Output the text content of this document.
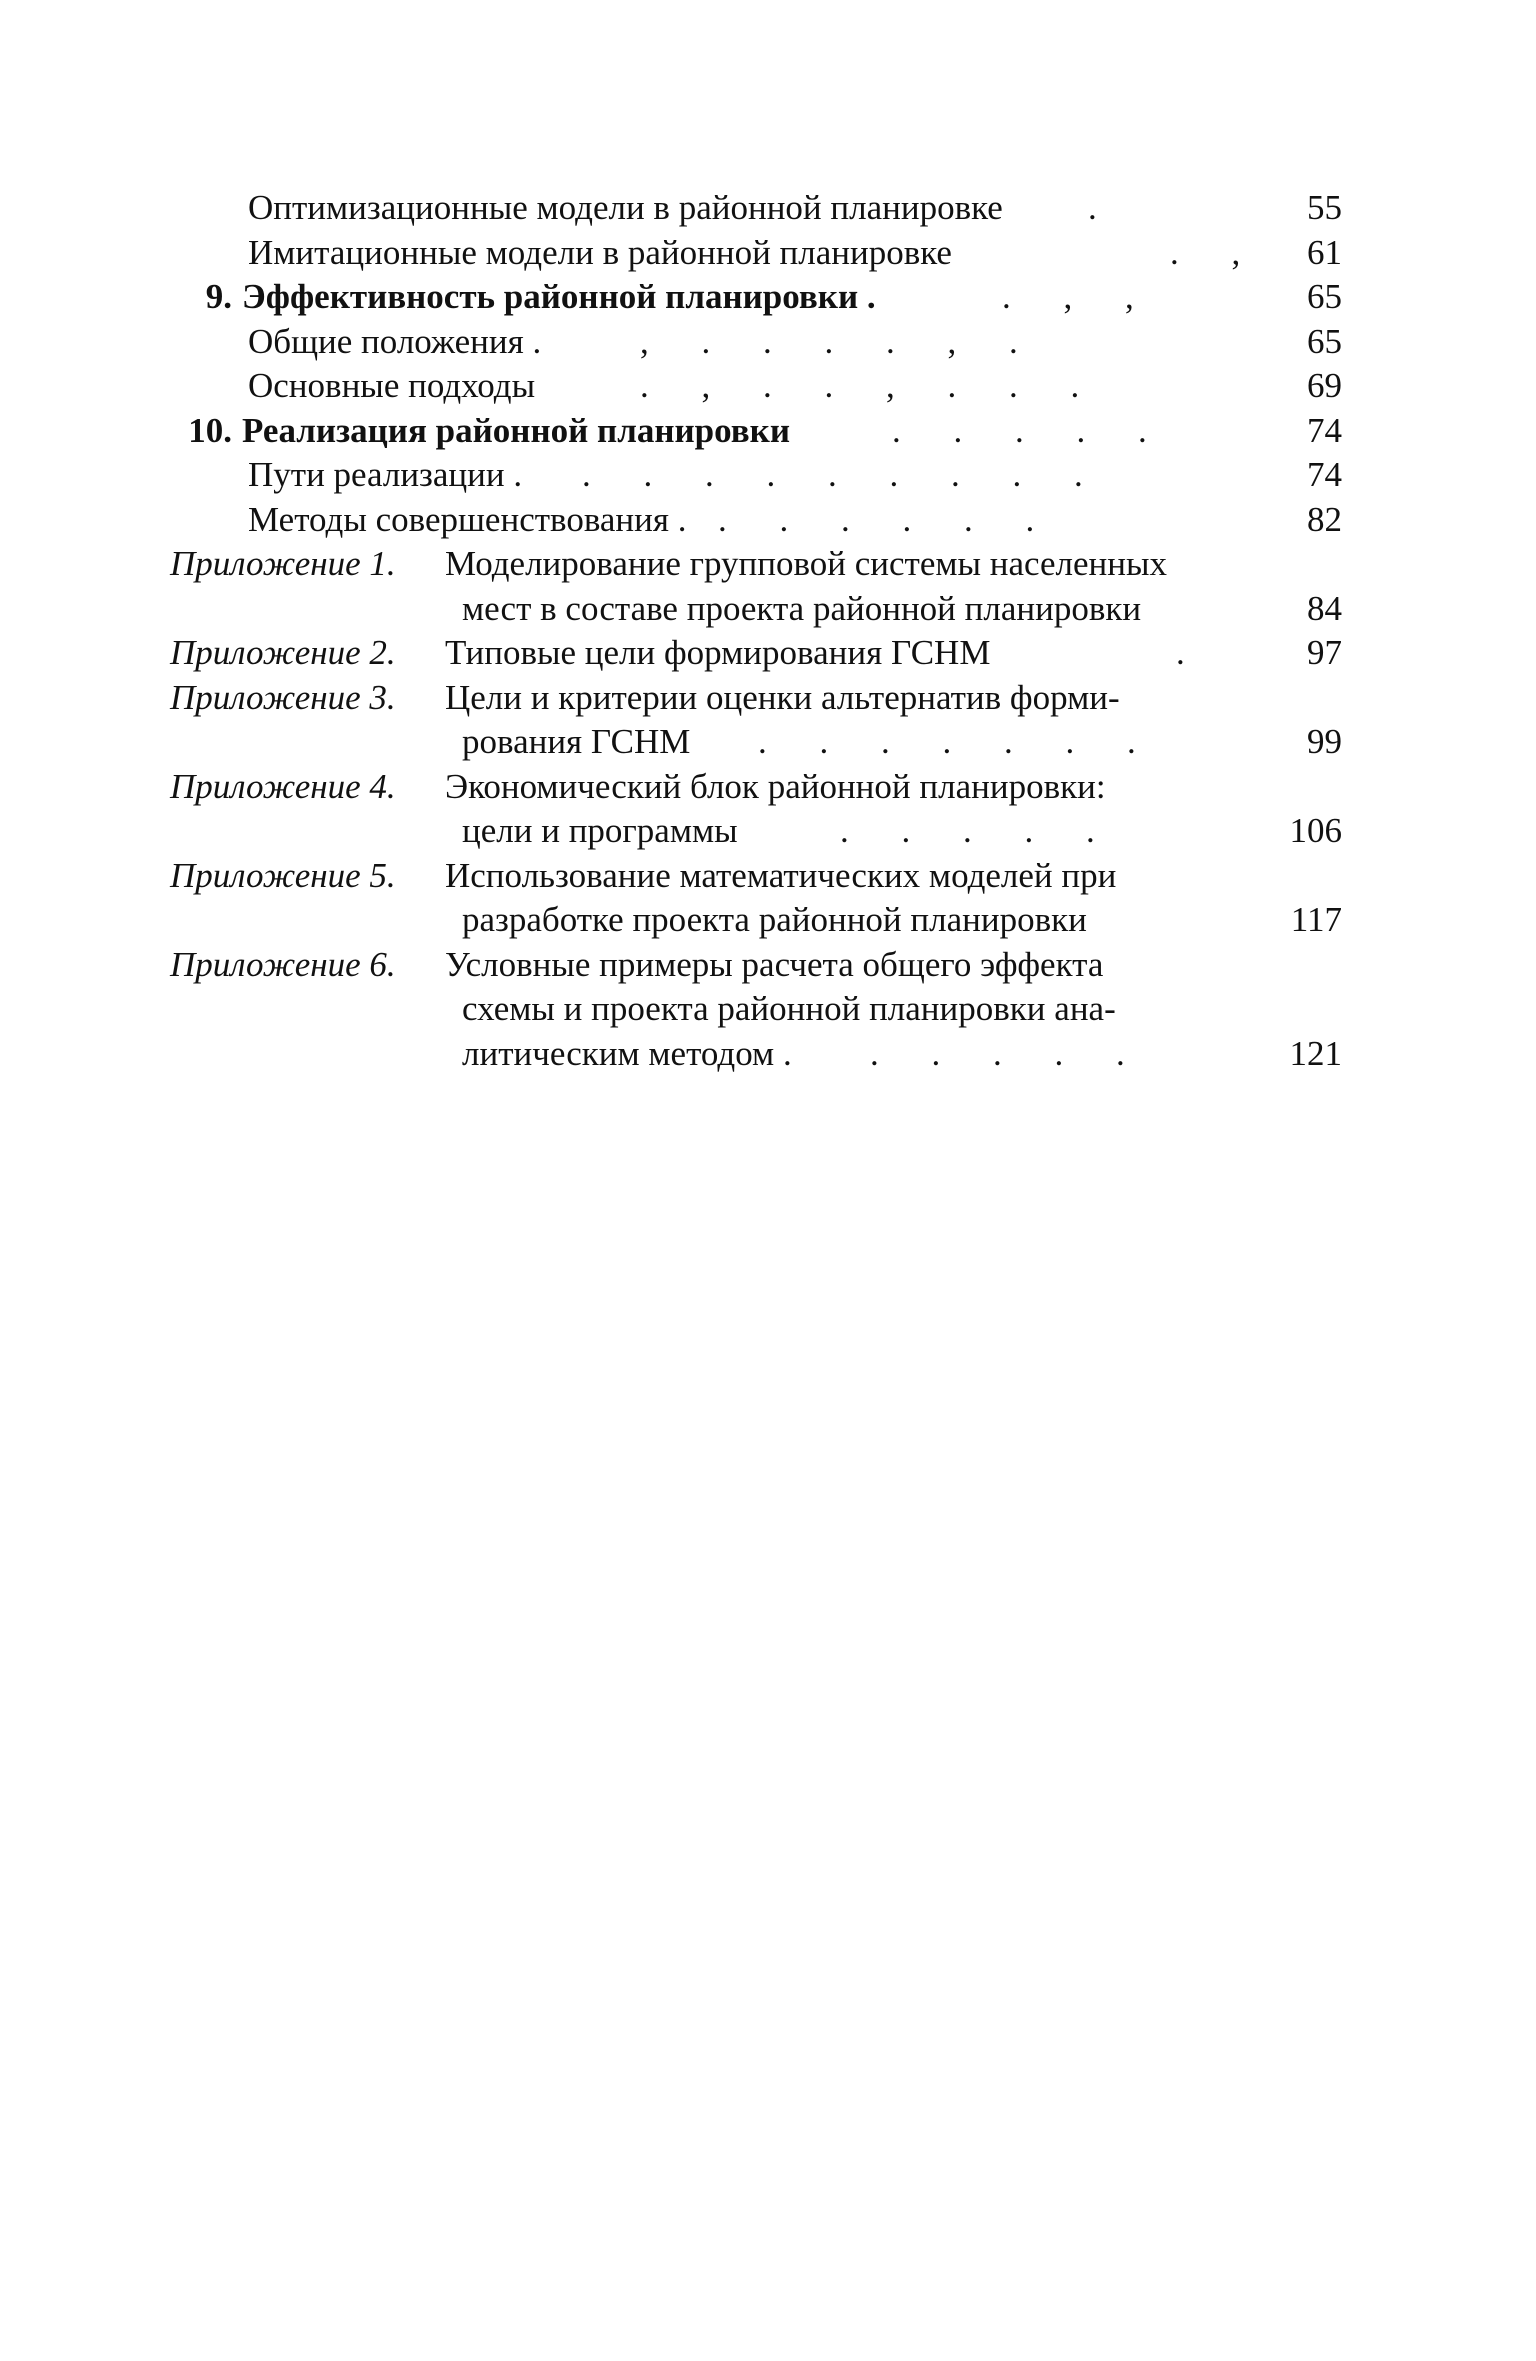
Оптимизационные модели в районной планировке .	55
Имитационные модели в районной планировке	. ,	61
9. Эффективность районной планировки .	. , ,	65
Общие положения .	, . . . . , .	65
Основные подходы	. , . . , . . .	69
10. Реализация районной планировки	. . . . .	74
Пути реализации . . . . . . . . . .	74
Методы совершенствования . . . . . . .	82
Приложение 1. Моделирование групповой системы населенных
мест в составе проекта районной планировки	84
Приложение 2. Типовые цели формирования ГСНМ	.	97
Приложение 3. Цели и критерии оценки альтернатив форми-
рования ГСНМ . . . . . . .	99
Приложение 4. Экономический блок районной планировки:
цели и программы	. . . . .	106
Приложение 5. Использование математических моделей при
разработке проекта районной планировки	117
Приложение 6. Условные примеры расчета общего эффекта
схемы и проекта районной планировки ана-
литическим методом . . . . . .	121
